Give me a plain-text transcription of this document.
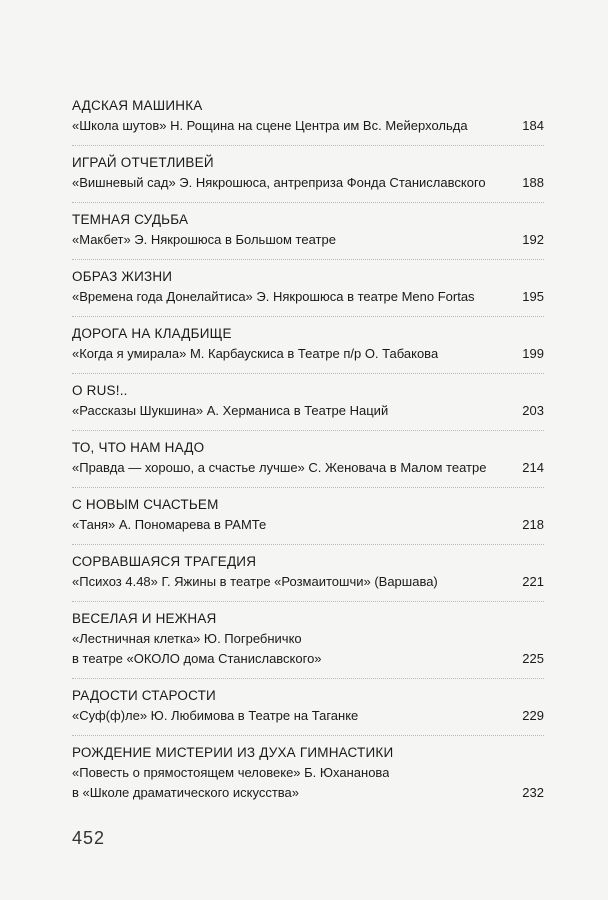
АДСКАЯ МАШИНКА
«Школа шутов» Н. Рощина на сцене Центра им Вс. Мейерхольда	184
ИГРАЙ ОТЧЕТЛИВЕЙ
«Вишневый сад» Э. Някрошюса, антреприза Фонда Станиславского	188
ТЕМНАЯ СУДЬБА
«Макбет» Э. Някрошюса в Большом театре	192
ОБРАЗ ЖИЗНИ
«Времена года Донелайтиса» Э. Някрошюса в театре Meno Fortas	195
ДОРОГА НА КЛАДБИЩЕ
«Когда я умирала» М. Карбаускиса в Театре п/р О. Табакова	199
О RUS!..
«Рассказы Шукшина» А. Херманиса в Театре Наций	203
ТО, ЧТО НАМ НАДО
«Правда — хорошо, а счастье лучше» С. Женовача в Малом театре	214
С НОВЫМ СЧАСТЬЕМ
«Таня» А. Пономарева в РАМТе	218
СОРВАВШАЯСЯ ТРАГЕДИЯ
«Психоз 4.48» Г. Яжины в театре «Розмаитошчи» (Варшава)	221
ВЕСЕЛАЯ И НЕЖНАЯ
«Лестничная клетка» Ю. Погребничко
в театре «ОКОЛО дома Станиславского»	225
РАДОСТИ СТАРОСТИ
«Суф(ф)ле» Ю. Любимова в Театре на Таганке	229
РОЖДЕНИЕ МИСТЕРИИ ИЗ ДУХА ГИМНАСТИКИ
«Повесть о прямостоящем человеке» Б. Юхананова
в «Школе драматического искусства»	232
452
